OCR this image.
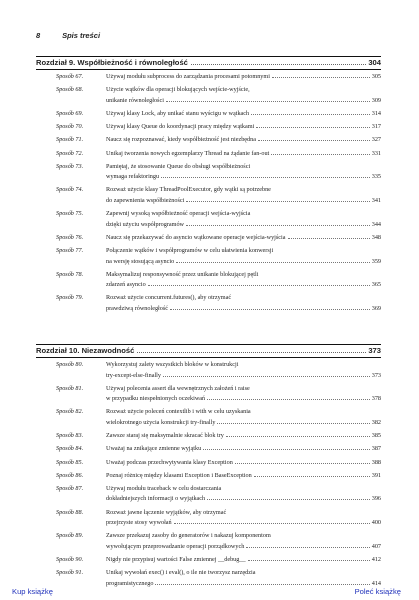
8	Spis treści
Rozdział 9. Współbieżność i równoległość	304
Sposób 67.	Używaj modułu subprocess do zarządzania procesami potomnymi	305
Sposób 68.	Użycie wątków dla operacji blokujących wejście-wyjście,
unikanie równoległości	309
Sposób 69.	Używaj klasy Lock, aby unikać stanu wyścigu w wątkach	314
Sposób 70.	Używaj klasy Queue do koordynacji pracy między wątkami	317
Sposób 71.	Naucz się rozpoznawać, kiedy współbieżność jest niezbędna	327
Sposób 72.	Unikaj tworzenia nowych egzemplarzy Thread na żądanie fan-out	331
Sposób 73.	Pamiętaj, że stosowanie Queue do obsługi współbieżności
wymaga refaktoringu	335
Sposób 74.	Rozważ użycie klasy ThreadPoolExecutor, gdy wątki są potrzebne
do zapewnienia współbieżności	341
Sposób 75.	Zapewnij wysoką współbieżność operacji wejścia-wyjścia
dzięki użyciu współprogramów	344
Sposób 76.	Naucz się przekazywać do asyncio wątkowane operacje wejścia-wyjścia	348
Sposób 77.	Połączenie wątków i współprogramów w celu ułatwienia konwersji
na wersję stosującą asyncio	359
Sposób 78.	Maksymalizuj responsywność przez unikanie blokującej pętli
zdarzeń asyncio	365
Sposób 79.	Rozważ użycie concurrent.futures(), aby otrzymać
prawdziwą równoległość	369
Rozdział 10. Niezawodność	373
Sposób 80.	Wykorzystuj zalety wszystkich bloków w konstrukcji
try-except-else-finally	373
Sposób 81.	Używaj polecenia assert dla wewnętrznych założeń i raise
w przypadku niespełnionych oczekiwań	378
Sposób 82.	Rozważ użycie poleceń contextlib i with w celu uzyskania
wielokrotnego użycia konstrukcji try-finally	382
Sposób 83.	Zawsze staraj się maksymalnie skracać blok try	385
Sposób 84.	Uważaj na znikające zmienne wyjątku	387
Sposób 85.	Uważaj podczas przechwytywania klasy Exception	388
Sposób 86.	Poznaj różnicę między klasami Exception i BaseException	391
Sposób 87.	Używaj modułu traceback w celu dostarczania
dokładniejszych informacji o wyjątkach	396
Sposób 88.	Rozważ jawne łączenie wyjątków, aby otrzymać
przejrzyste stosy wywołań	400
Sposób 89.	Zawsze przekazuj zasoby do generatorów i nakazuj komponentom
wywołującym przeprowadzanie operacji porządkowych	407
Sposób 90.	Nigdy nie przypisuj wartości False zmiennej __debug__	412
Sposób 91.	Unikaj wywołań exec() i eval(), o ile nie tworzysz narzędzia
programistycznego	414
Kup książkę	Poleć książkę
